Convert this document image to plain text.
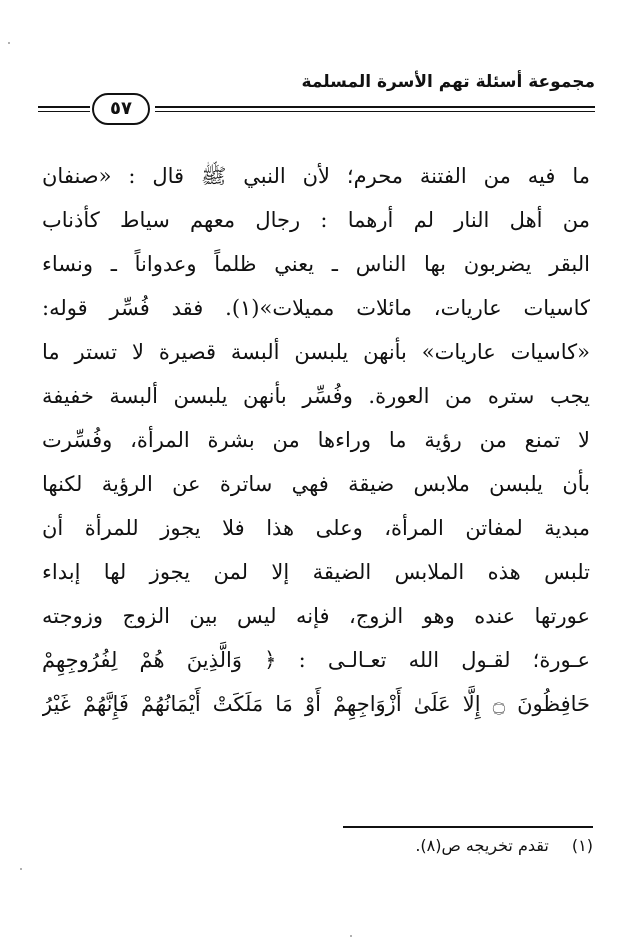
مجموعة أسئلة تهم الأسرة المسلمة
٥٧
ما فيه من الفتنة محرم؛ لأن النبي ﷺ قال : «صنفان
من أهل النار لم أرهما : رجال معهم سياط كأذناب
البقر يضربون بها الناس ـ يعني ظلماً وعدواناً ـ ونساء
كاسيات عاريات، مائلات مميلات»(١). فقد فُسِّر قوله:
«كاسيات عاريات» بأنهن يلبسن ألبسة قصيرة لا تستر ما
يجب ستره من العورة. وفُسِّر بأنهن يلبسن ألبسة خفيفة
لا تمنع من رؤية ما وراءها من بشرة المرأة، وفُسِّرت
بأن يلبسن ملابس ضيقة فهي ساترة عن الرؤية لكنها
مبدية لمفاتن المرأة، وعلى هذا فلا يجوز للمرأة أن
تلبس هذه الملابس الضيقة إلا لمن يجوز لها إبداء
عورتها عنده وهو الزوج، فإنه ليس بين الزوج وزوجته
عـورة؛ لقـول الله تعـالـى : ﴿ وَالَّذِينَ هُمْ لِفُرُوجِهِمْ
حَافِظُونَ ۝ إِلَّا عَلَىٰ أَزْوَاجِهِمْ أَوْ مَا مَلَكَتْ أَيْمَانُهُمْ فَإِنَّهُمْ غَيْرُ
(١) تقدم تخريجه ص(٨).
